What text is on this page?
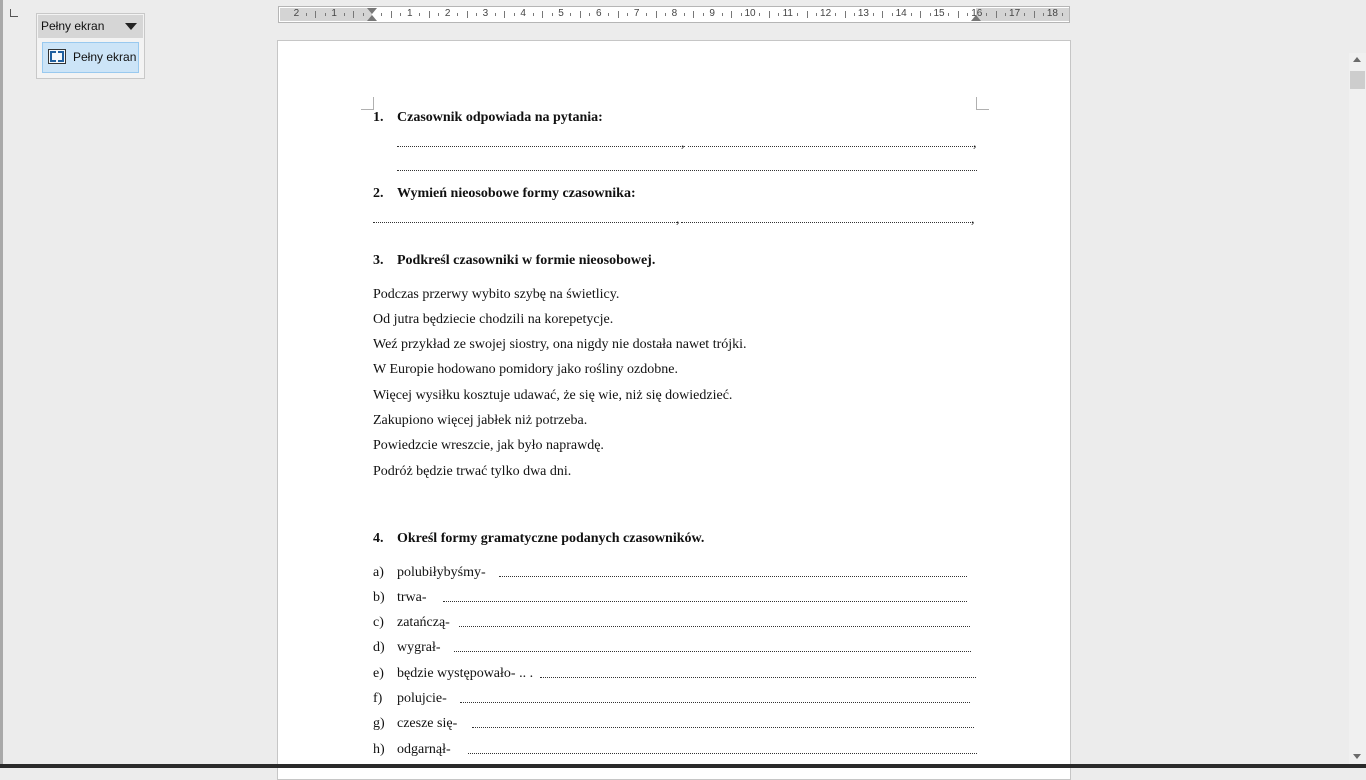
Pełny ekran
Pełny ekran
2	1	1	2	3	4	5	6	7	8	9	10	11	12	13	14	15	16	17	18
1. Czasownik odpowiada na pytania:
,	,
2. Wymień nieosobowe formy czasownika:
,	,
3. Podkreśl czasowniki w formie nieosobowej.
Podczas przerwy wybito szybę na świetlicy.
Od jutra będziecie chodzili na korepetycje.
Weź przykład ze swojej siostry, ona nigdy nie dostała nawet trójki.
W Europie hodowano pomidory jako rośliny ozdobne.
Więcej wysiłku kosztuje udawać, że się wie, niż się dowiedzieć.
Zakupiono więcej jabłek niż potrzeba.
Powiedzcie wreszcie, jak było naprawdę.
Podróż będzie trwać tylko dwa dni.
4. Określ formy gramatyczne podanych czasowników.
a) polubiłybyśmy-
b) trwa-
c) zatańczą-
d) wygrał-
e) będzie występowało- .. .
f) polujcie-
g) czesze się-
h) odgarnął-
